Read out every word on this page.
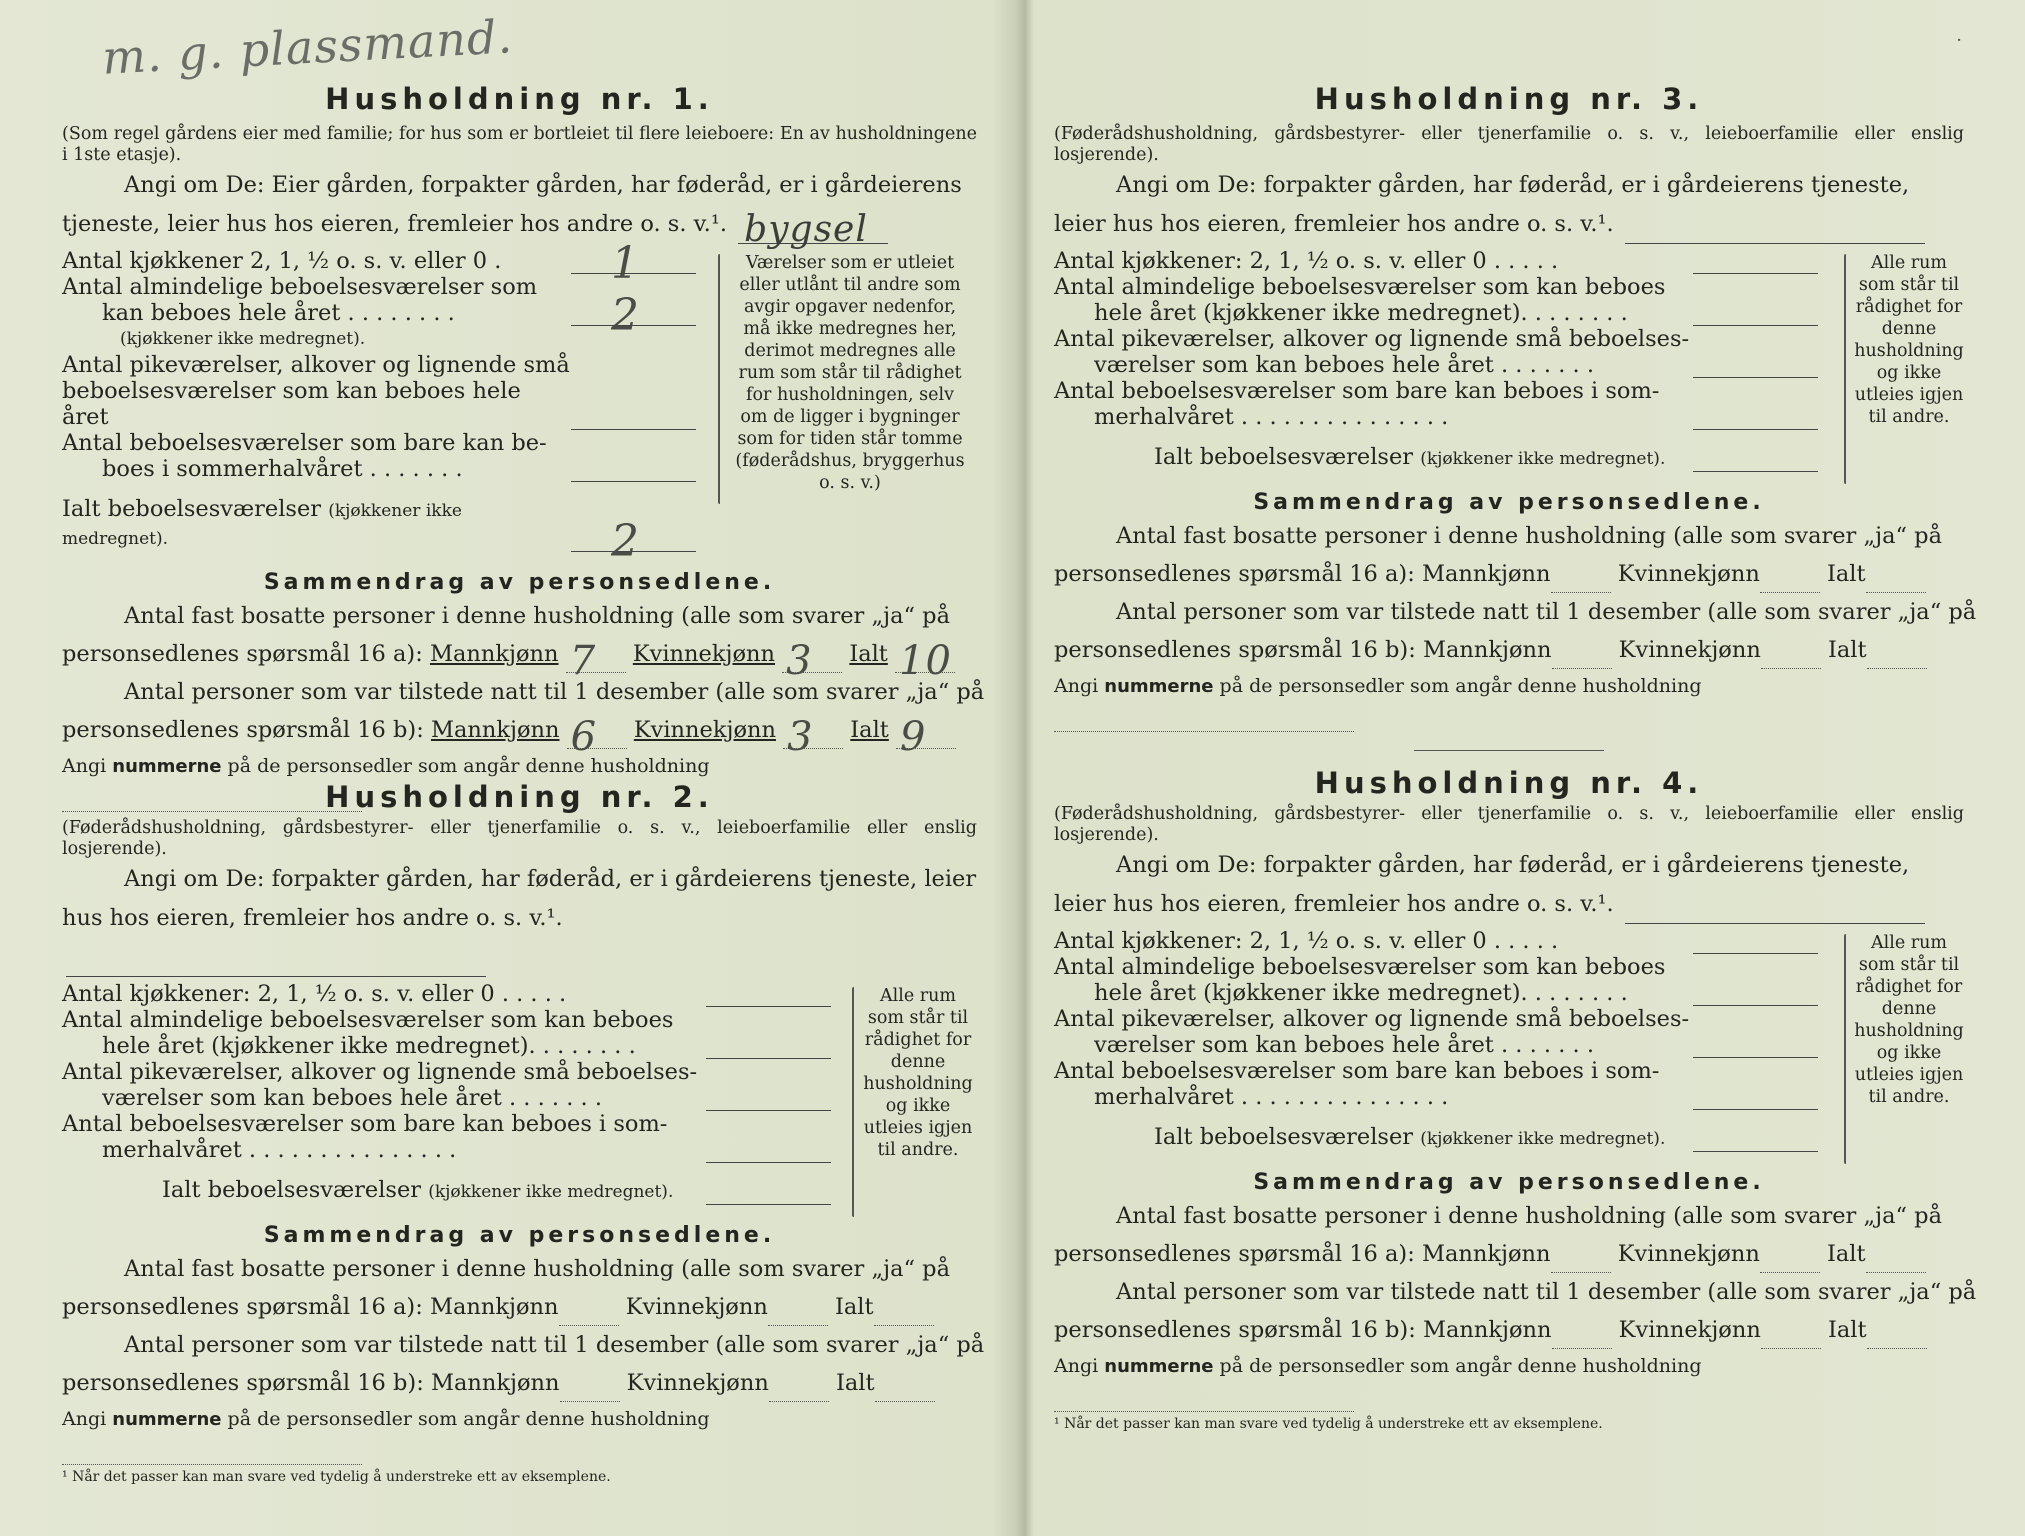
m. g. plassmand.
Husholdning nr. 1.

(Som regel gårdens eier med familie; for hus som er bortleiet til flere leieboere: En av husholdningene i 1ste etasje).

Angi om De: Eier gården, forpakter gården, har føderåd, er i gårdeierens tjeneste, leier hus hos eieren, fremleier hos andre o. s. v.¹. bygsel

Antal kjøkkener 2, 1, ½ o. s. v. eller 0 .	1
Antal almindelige beboelsesværelser som
kan beboes hele året . . . . . . . .	2
(kjøkkener ikke medregnet).
Antal pikeværelser, alkover og lignende små
beboelsesværelser som kan beboes hele året
Antal beboelsesværelser som bare kan be-
boes i sommerhalvåret . . . . . . .
Ialt beboelsesværelser (kjøkkener ikke medregnet).	2
Værelser som er utleiet eller utlånt til andre som avgir opgaver nedenfor, må ikke medregnes her, derimot medregnes alle rum som står til rådighet for husholdningen, selv om de ligger i bygninger som for tiden står tomme (føderådshus, bryggerhus o. s. v.)
Sammendrag av personsedlene.

Antal fast bosatte personer i denne husholdning (alle som svarer „ja“ på

personsedlenes spørsmål 16 a): Mannkjønn 7 Kvinnekjønn 3 Ialt 10

Antal personer som var tilstede natt til 1 desember (alle som svarer „ja“ på

personsedlenes spørsmål 16 b): Mannkjønn 6 Kvinnekjønn 3 Ialt 9

Angi nummerne på de personsedler som angår denne husholdning

Husholdning nr. 2.

(Føderådshusholdning, gårdsbestyrer- eller tjenerfamilie o. s. v., leieboerfamilie eller enslig losjerende).

Angi om De: forpakter gården, har føderåd, er i gårdeierens tjeneste, leier hus hos eieren, fremleier hos andre o. s. v.¹.

Antal kjøkkener: 2, 1, ½ o. s. v. eller 0 . . . . .
Antal almindelige beboelsesværelser som kan beboes
hele året (kjøkkener ikke medregnet). . . . . . . .
Antal pikeværelser, alkover og lignende små beboelses-
værelser som kan beboes hele året . . . . . . .
Antal beboelsesværelser som bare kan beboes i som-
merhalvåret . . . . . . . . . . . . . . .
Ialt beboelsesværelser (kjøkkener ikke medregnet).
Alle rum som står til rådighet for denne husholdning og ikke utleies igjen til andre.
Sammendrag av personsedlene.

Antal fast bosatte personer i denne husholdning (alle som svarer „ja“ på

personsedlenes spørsmål 16 a): Mannkjønn	Kvinnekjønn	Ialt

Antal personer som var tilstede natt til 1 desember (alle som svarer „ja“ på

personsedlenes spørsmål 16 b): Mannkjønn	Kvinnekjønn	Ialt

Angi nummerne på de personsedler som angår denne husholdning

¹ Når det passer kan man svare ved tydelig å understreke ett av eksemplene.

·
Husholdning nr. 3.

(Føderådshusholdning, gårdsbestyrer- eller tjenerfamilie o. s. v., leieboerfamilie eller enslig losjerende).

Angi om De: forpakter gården, har føderåd, er i gårdeierens tjeneste, leier hus hos eieren, fremleier hos andre o. s. v.¹.

Antal kjøkkener: 2, 1, ½ o. s. v. eller 0 . . . . .
Antal almindelige beboelsesværelser som kan beboes
hele året (kjøkkener ikke medregnet). . . . . . . .
Antal pikeværelser, alkover og lignende små beboelses-
værelser som kan beboes hele året . . . . . . .
Antal beboelsesværelser som bare kan beboes i som-
merhalvåret . . . . . . . . . . . . . . .
Ialt beboelsesværelser (kjøkkener ikke medregnet).
Alle rum som står til rådighet for denne husholdning og ikke utleies igjen til andre.
Sammendrag av personsedlene.

Antal fast bosatte personer i denne husholdning (alle som svarer „ja“ på

personsedlenes spørsmål 16 a): Mannkjønn	Kvinnekjønn	Ialt

Antal personer som var tilstede natt til 1 desember (alle som svarer „ja“ på

personsedlenes spørsmål 16 b): Mannkjønn	Kvinnekjønn	Ialt

Angi nummerne på de personsedler som angår denne husholdning

Husholdning nr. 4.

(Føderådshusholdning, gårdsbestyrer- eller tjenerfamilie o. s. v., leieboerfamilie eller enslig losjerende).

Angi om De: forpakter gården, har føderåd, er i gårdeierens tjeneste, leier hus hos eieren, fremleier hos andre o. s. v.¹.

Antal kjøkkener: 2, 1, ½ o. s. v. eller 0 . . . . .
Antal almindelige beboelsesværelser som kan beboes
hele året (kjøkkener ikke medregnet). . . . . . . .
Antal pikeværelser, alkover og lignende små beboelses-
værelser som kan beboes hele året . . . . . . .
Antal beboelsesværelser som bare kan beboes i som-
merhalvåret . . . . . . . . . . . . . . .
Ialt beboelsesværelser (kjøkkener ikke medregnet).
Alle rum som står til rådighet for denne husholdning og ikke utleies igjen til andre.
Sammendrag av personsedlene.

Antal fast bosatte personer i denne husholdning (alle som svarer „ja“ på

personsedlenes spørsmål 16 a): Mannkjønn	Kvinnekjønn	Ialt

Antal personer som var tilstede natt til 1 desember (alle som svarer „ja“ på

personsedlenes spørsmål 16 b): Mannkjønn	Kvinnekjønn	Ialt

Angi nummerne på de personsedler som angår denne husholdning

¹ Når det passer kan man svare ved tydelig å understreke ett av eksemplene.
